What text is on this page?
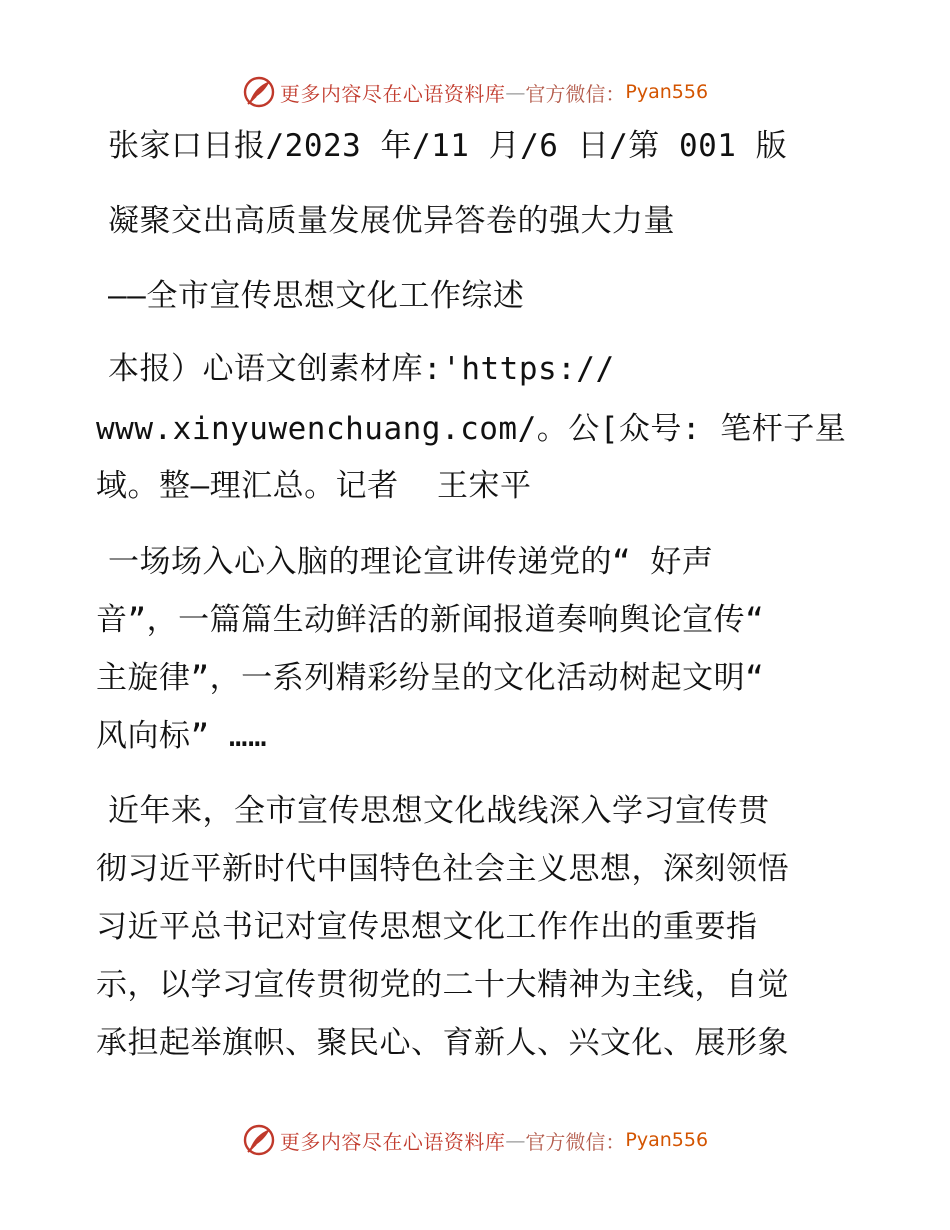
更多内容尽在心语资料库 — 官方微信： Pyan556
张家口日报/2023 年/11 月/6 日/第 001 版
凝聚交出高质量发展优异答卷的强大力量
——全市宣传思想文化工作综述
本报）心语文创素材库:'https://
www.xinyuwenchuang.com/。公[众号: 笔杆子星
域。整—理汇总。记者  王宋平
一场场入心入脑的理论宣讲传递党的“ 好声
音”，一篇篇生动鲜活的新闻报道奏响舆论宣传“
主旋律”，一系列精彩纷呈的文化活动树起文明“
风向标” ……
近年来，全市宣传思想文化战线深入学习宣传贯
彻习近平新时代中国特色社会主义思想，深刻领悟
习近平总书记对宣传思想文化工作作出的重要指
示，以学习宣传贯彻党的二十大精神为主线，自觉
承担起举旗帜、聚民心、育新人、兴文化、展形象
更多内容尽在心语资料库 — 官方微信： Pyan556
